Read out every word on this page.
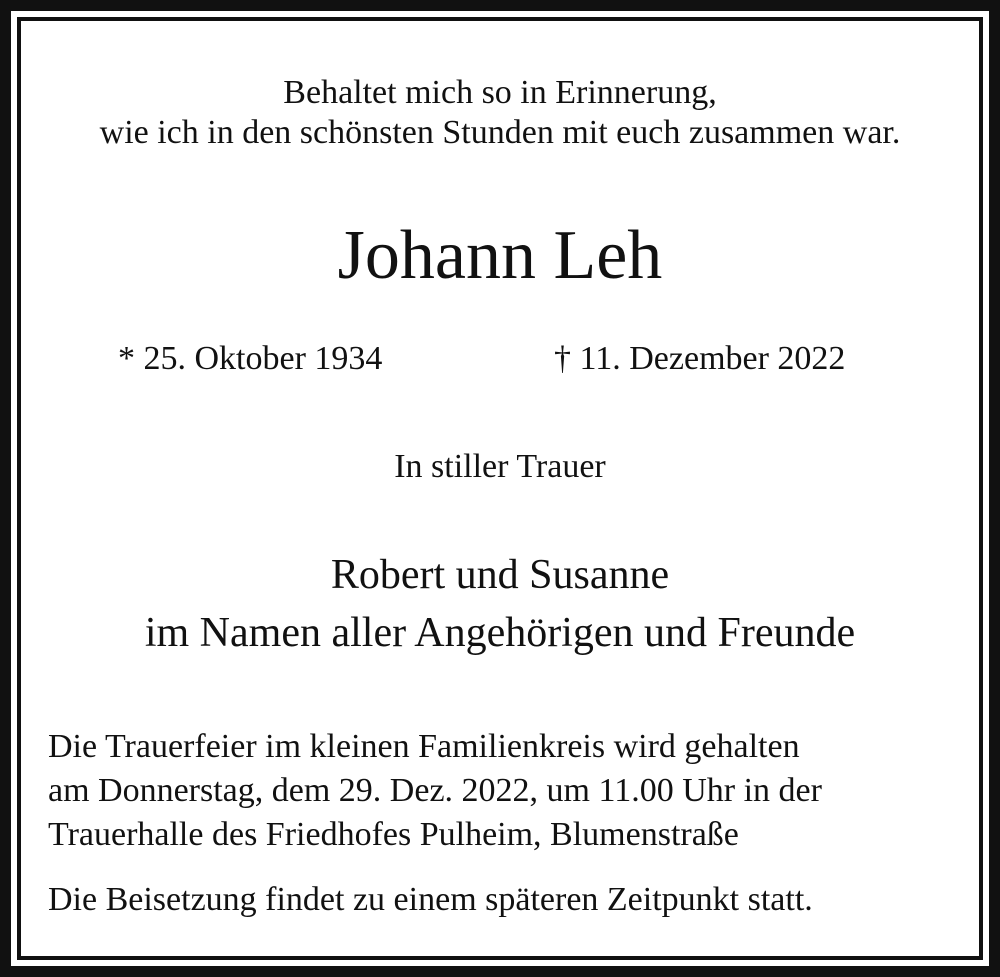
Behaltet mich so in Erinnerung,

wie ich in den schönsten Stunden mit euch zusammen war.

Johann Leh

* 25. Oktober 1934	† 11. Dezember 2022

In stiller Trauer

Robert und Susanne

im Namen aller Angehörigen und Freunde

Die Trauerfeier im kleinen Familienkreis wird gehalten

am Donnerstag, dem 29. Dez. 2022, um 11.00 Uhr in der

Trauerhalle des Friedhofes Pulheim, Blumenstraße

Die Beisetzung findet zu einem späteren Zeitpunkt statt.
